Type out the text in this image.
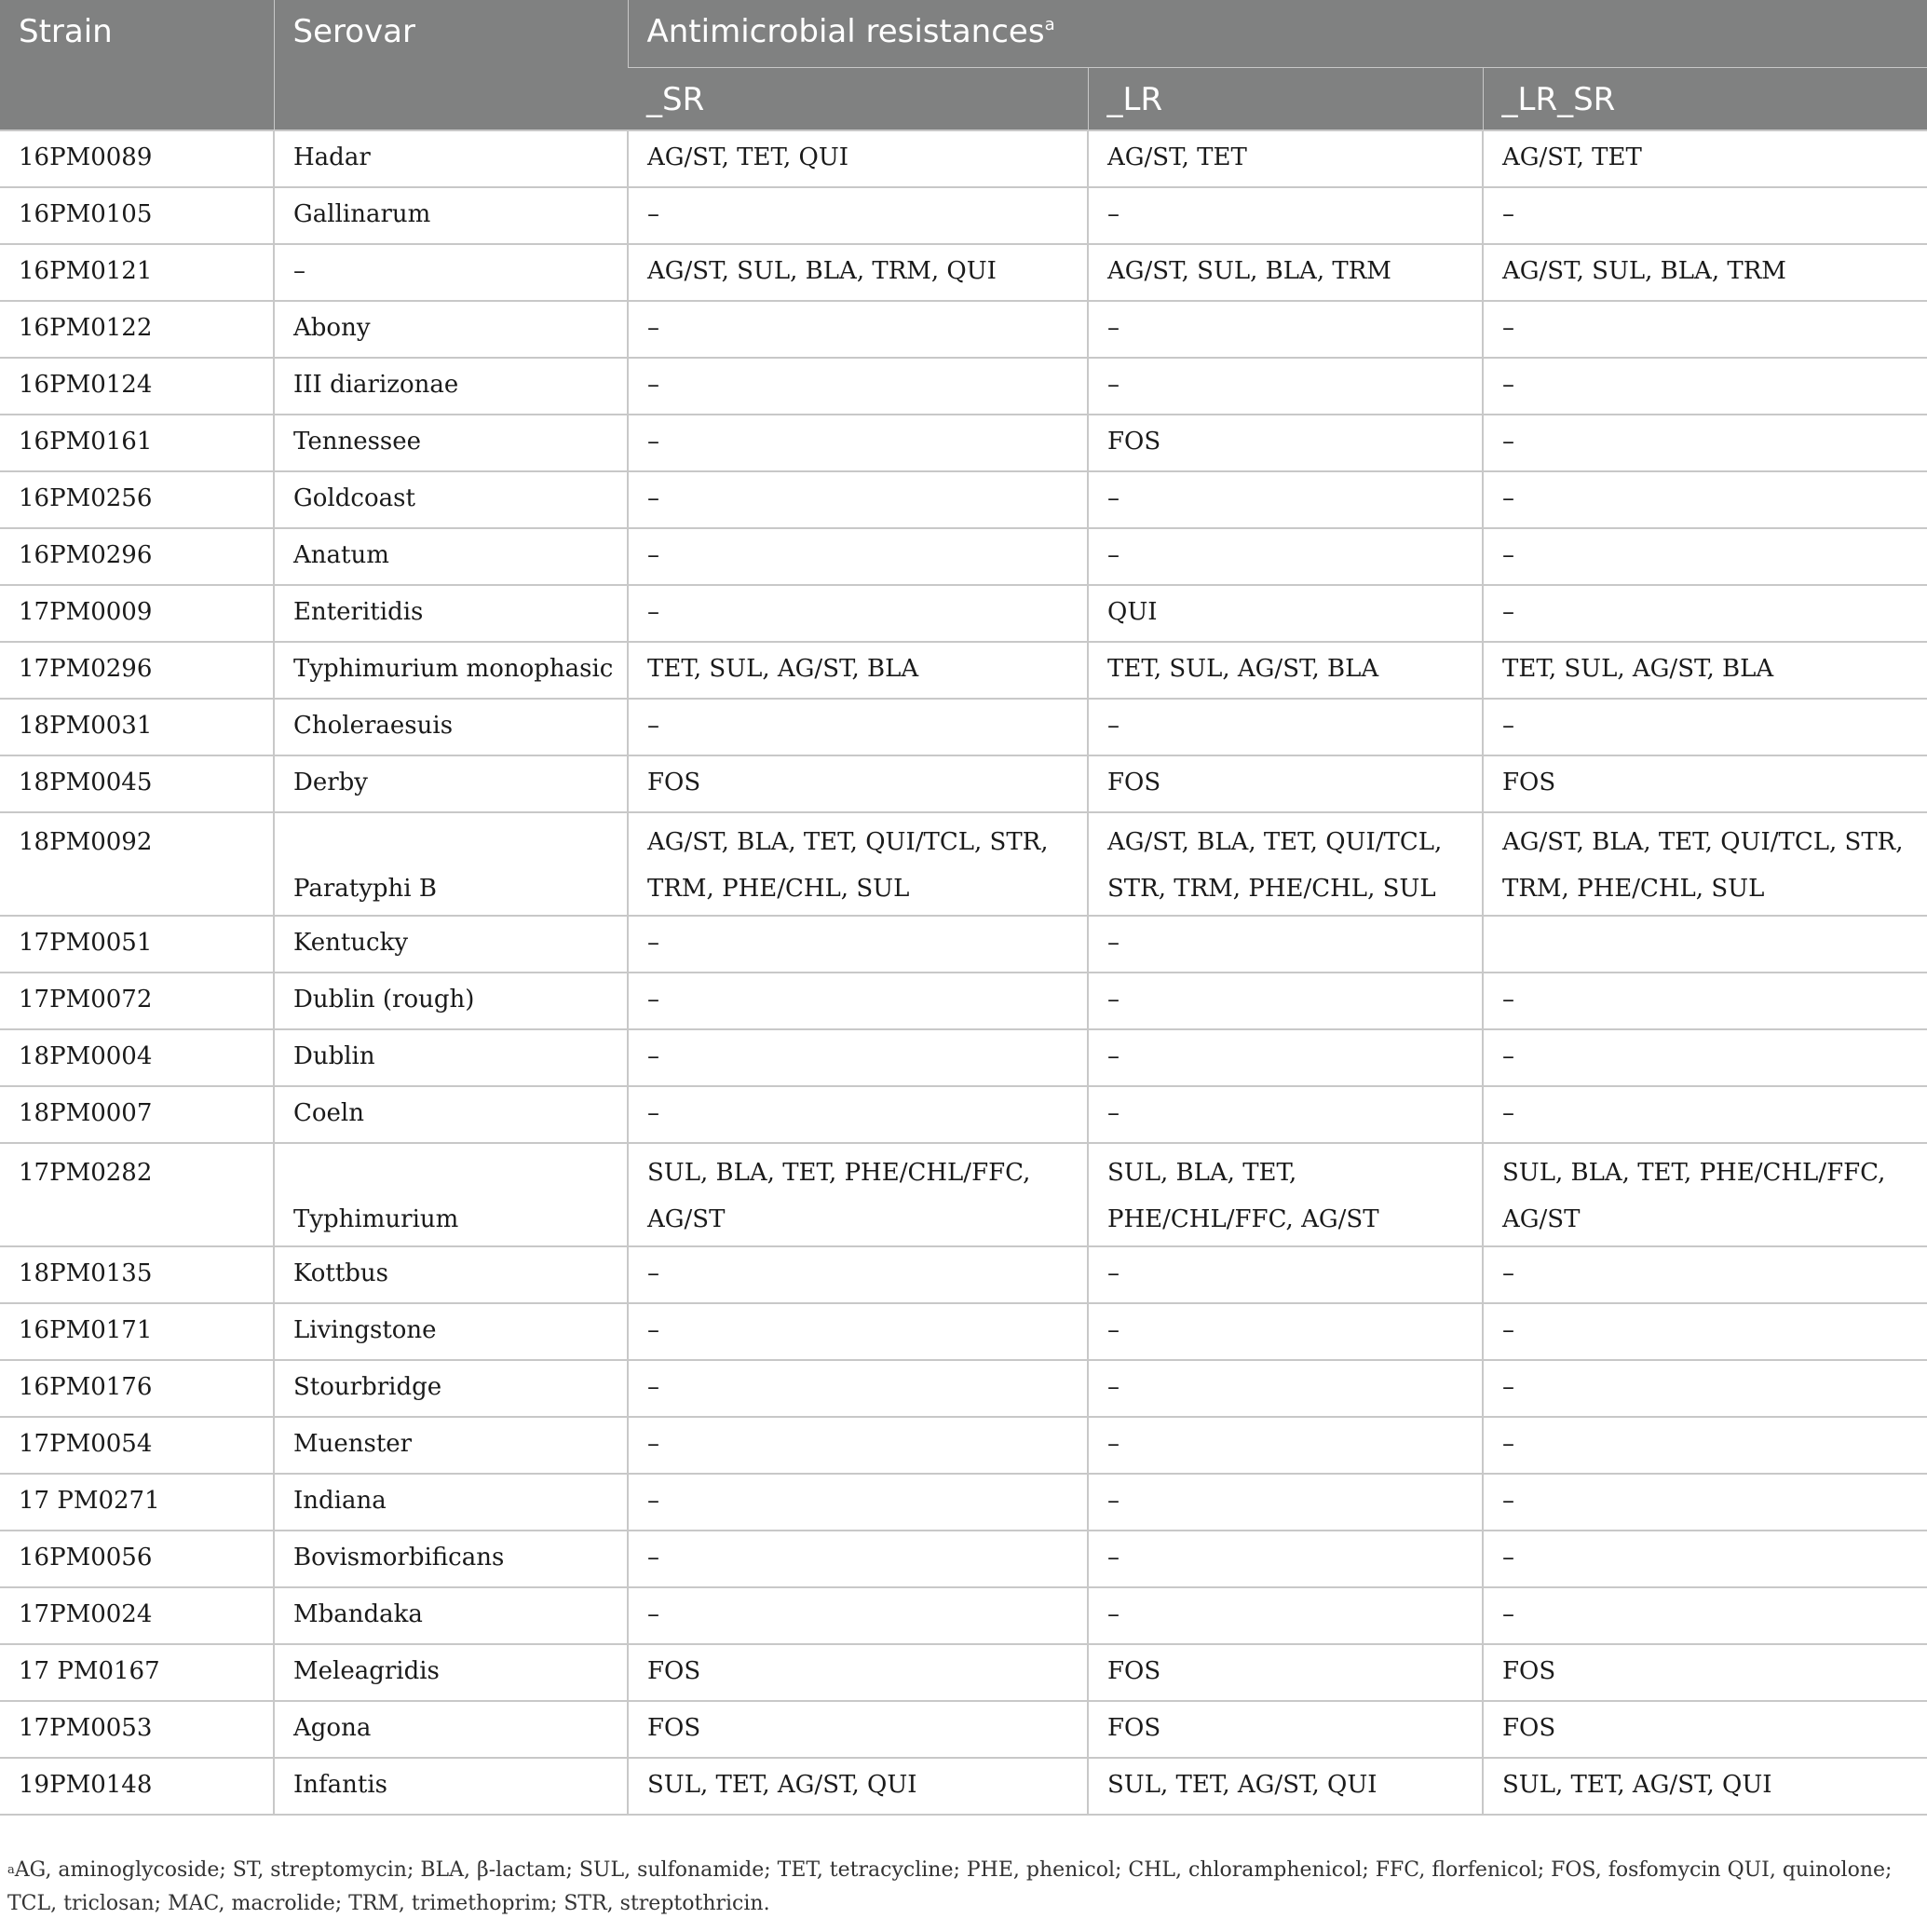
Strain	Serovar	Antimicrobial resistances$^a$
		_SR	_LR	_LR_SR
16PM0089	Hadar	AG/ST, TET, QUI	AG/ST, TET	AG/ST, TET
16PM0105	Gallinarum	–	–	–
16PM0121	–	AG/ST, SUL, BLA, TRM, QUI	AG/ST, SUL, BLA, TRM	AG/ST, SUL, BLA, TRM
16PM0122	Abony	–	–	–
16PM0124	III diarizonae	–	–	–
16PM0161	Tennessee	–	FOS	–
16PM0256	Goldcoast	–	–	–
16PM0296	Anatum	–	–	–
17PM0009	Enteritidis	–	QUI	–
17PM0296	Typhimurium monophasic	TET, SUL, AG/ST, BLA	TET, SUL, AG/ST, BLA	TET, SUL, AG/ST, BLA
18PM0031	Choleraesuis	–	–	–
18PM0045	Derby	FOS	FOS	FOS
18PM0092	Paratyphi B	AG/ST, BLA, TET, QUI/TCL, STR, TRM, PHE/CHL, SUL	AG/ST, BLA, TET, QUI/TCL, STR, TRM, PHE/CHL, SUL	AG/ST, BLA, TET, QUI/TCL, STR, TRM, PHE/CHL, SUL
17PM0051	Kentucky	–	–	
17PM0072	Dublin (rough)	–	–	–
18PM0004	Dublin	–	–	–
18PM0007	Coeln	–	–	–
17PM0282	Typhimurium	SUL, BLA, TET, PHE/CHL/FFC, AG/ST	SUL, BLA, TET, PHE/CHL/FFC, AG/ST	SUL, BLA, TET, PHE/CHL/FFC, AG/ST
18PM0135	Kottbus	–	–	–
16PM0171	Livingstone	–	–	–
16PM0176	Stourbridge	–	–	–
17PM0054	Muenster	–	–	–
17 PM0271	Indiana	–	–	–
16PM0056	Bovismorbificans	–	–	–
17PM0024	Mbandaka	–	–	–
17 PM0167	Meleagridis	FOS	FOS	FOS
17PM0053	Agona	FOS	FOS	FOS
19PM0148	Infantis	SUL, TET, AG/ST, QUI	SUL, TET, AG/ST, QUI	SUL, TET, AG/ST, QUI
$^a$AG, aminoglycoside; ST, streptomycin; BLA, β-lactam; SUL, sulfonamide; TET, tetracycline; PHE, phenicol; CHL, chloramphenicol; FFC, florfenicol; FOS, fosfomycin QUI, quinolone; TCL, triclosan; MAC, macrolide; TRM, trimethoprim; STR, streptothricin.
